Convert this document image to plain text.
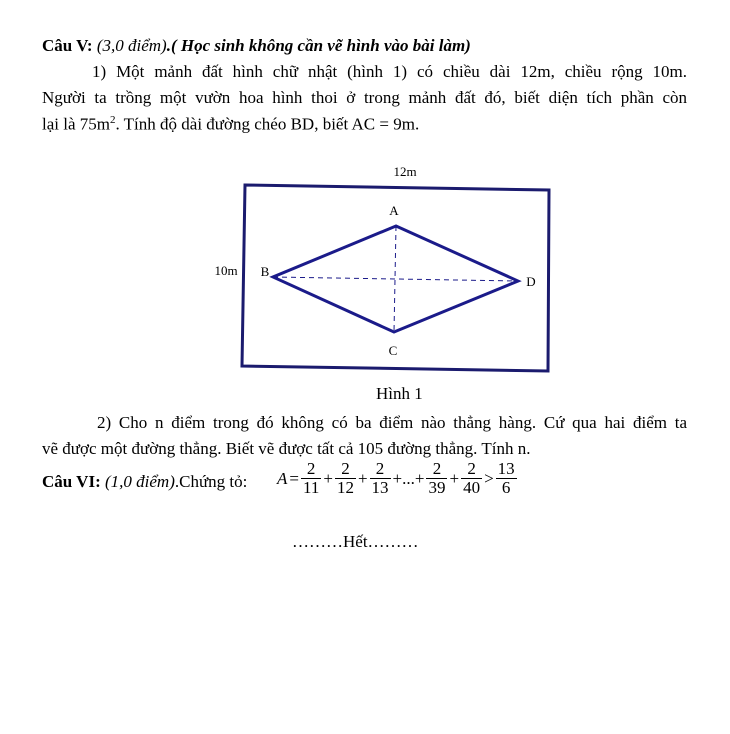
Câu V: (3,0 điểm).( Học sinh không cần vẽ hình vào bài làm)
1) Một mảnh đất hình chữ nhật (hình 1) có chiều dài 12m, chiều rộng 10m.
Người ta trồng một vườn hoa hình thoi ở trong mảnh đất đó, biết diện tích phần còn
lại là $75m^2$. Tính độ dài đường chéo BD, biết AC = 9m.
12m
10m
A
B
C
D
Hình 1
2) Cho n điểm trong đó không có ba điểm nào thẳng hàng. Cứ qua hai điểm ta
vẽ được một đường thẳng. Biết vẽ được tất cả 105 đường thẳng. Tính n.
Câu VI: (1,0 điểm).Chứng tỏ: $A = \frac{2}{11} + \frac{2}{12} + \frac{2}{13}$ +...+ $\frac{2}{39} + \frac{2}{40} > \frac{13}{6}$
………Hết………
